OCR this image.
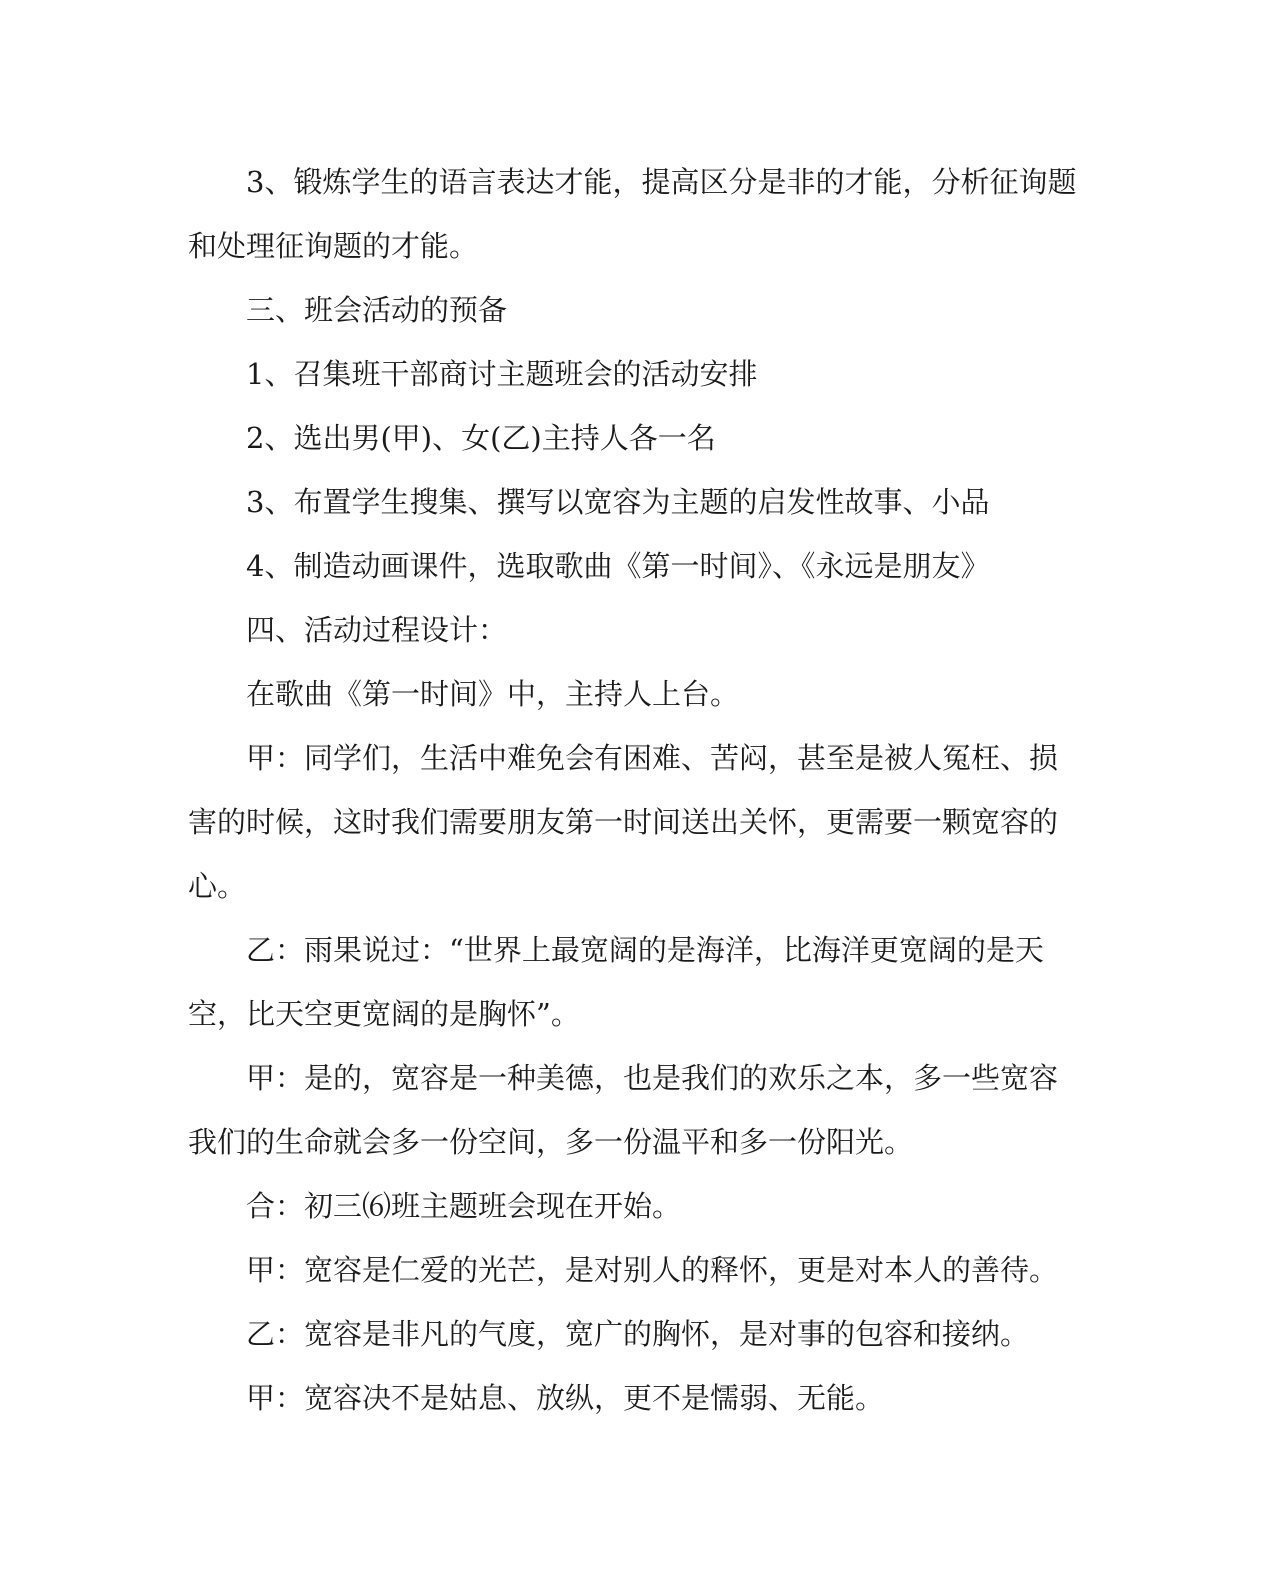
3、锻炼学生的语言表达才能，提高区分是非的才能，分析征询题和处理征询题的才能。

三、班会活动的预备

1、召集班干部商讨主题班会的活动安排

2、选出男(甲)、女(乙)主持人各一名

3、布置学生搜集、撰写以宽容为主题的启发性故事、小品

4、制造动画课件，选取歌曲《第一时间》、《永远是朋友》

四、活动过程设计：

在歌曲《第一时间》中，主持人上台。

甲：同学们，生活中难免会有困难、苦闷，甚至是被人冤枉、损害的时候，这时我们需要朋友第一时间送出关怀，更需要一颗宽容的心。

乙：雨果说过：“世界上最宽阔的是海洋，比海洋更宽阔的是天空，比天空更宽阔的是胸怀”。

甲：是的，宽容是一种美德，也是我们的欢乐之本，多一些宽容我们的生命就会多一份空间，多一份温平和多一份阳光。

合：初三⑹班主题班会现在开始。

甲：宽容是仁爱的光芒，是对别人的释怀，更是对本人的善待。

乙：宽容是非凡的气度，宽广的胸怀，是对事的包容和接纳。

甲：宽容决不是姑息、放纵，更不是懦弱、无能。
